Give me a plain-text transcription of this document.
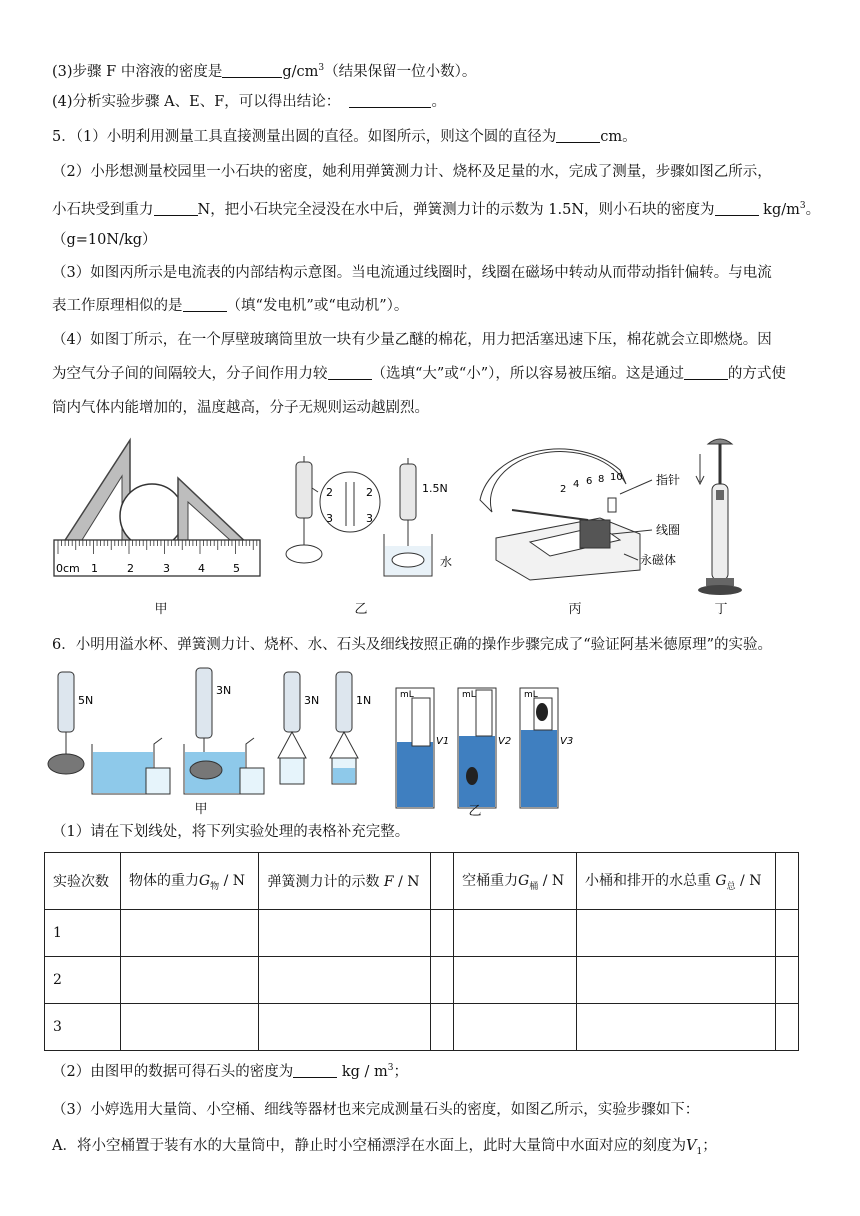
(3)步骤 F 中溶液的密度是	$g/cm^3$（结果保留一位小数）。
(4)分析实验步骤 A、E、F，可以得出结论：	。
5．（1）小明利用测量工具直接测量出圆的直径。如图所示，则这个圆的直径为	cm。
（2）小彤想测量校园里一小石块的密度，她利用弹簧测力计、烧杯及足量的水，完成了测量，步骤如图乙所示，
小石块受到重力	N，把小石块完全浸没在水中后，弹簧测力计的示数为 1.5N，则小石块的密度为	$kg/m^3$。
（g=10N/kg）
（3）如图丙所示是电流表的内部结构示意图。当电流通过线圈时，线圈在磁场中转动从而带动指针偏转。与电流
表工作原理相似的是	（填“发电机”或“电动机”）。
（4）如图丁所示，在一个厚壁玻璃筒里放一块有少量乙醚的棉花，用力把活塞迅速下压，棉花就会立即燃烧。因
为空气分子间的间隔较大，分子间作用力较	（选填“大”或“小”），所以容易被压缩。这是通过	的方式使
筒内气体内能增加的，温度越高，分子无规则运动越剧烈。
0cm 1	2	3	4	5
2
3
2
3
1.5N
水
2 4 6 8 10	指针
线圈
永磁体
甲	乙	丙	丁
6．小明用溢水杯、弹簧测力计、烧杯、水、石头及细线按照正确的操作步骤完成了“验证阿基米德原理”的实验。
5N
3N
3N	1N	mL
V1
mL
V2
mL
V3
甲	乙
（1）请在下划线处，将下列实验处理的表格补充完整。
实验次数	物体的重力$G_物$ / N	弹簧测力计的示数 F / N		空桶重力$G_桶$ / N	小桶和排开的水总重 $G_总$ / N	
1						
2						
3						
（2）由图甲的数据可得石头的密度为	kg / $m^3$；
（3）小婷选用大量筒、小空桶、细线等器材也来完成测量石头的密度，如图乙所示，实验步骤如下：
A．将小空桶置于装有水的大量筒中，静止时小空桶漂浮在水面上，此时大量筒中水面对应的刻度为$V_1$；
